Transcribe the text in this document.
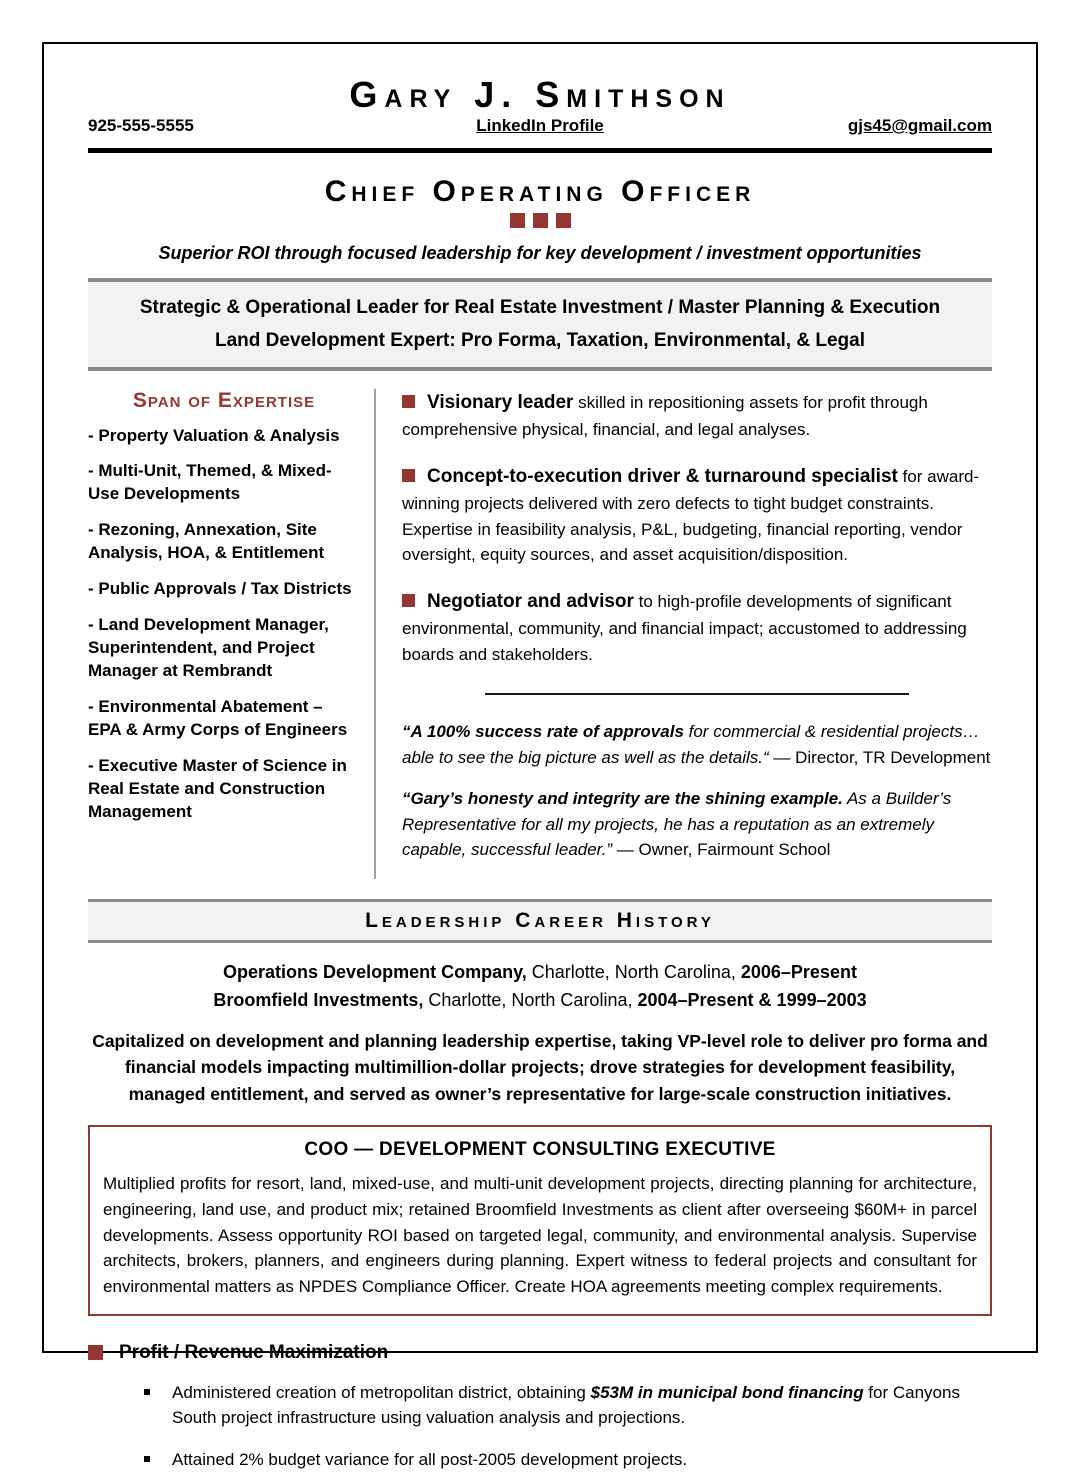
Gary J. Smithson
925-555-5555	LinkedIn Profile	gjs45@gmail.com
Chief Operating Officer
Superior ROI through focused leadership for key development / investment opportunities
Strategic & Operational Leader for Real Estate Investment / Master Planning & Execution
Land Development Expert: Pro Forma, Taxation, Environmental, & Legal
Span of Expertise
- Property Valuation & Analysis
- Multi-Unit, Themed, & Mixed-Use Developments
- Rezoning, Annexation, Site Analysis, HOA, & Entitlement
- Public Approvals / Tax Districts
- Land Development Manager, Superintendent, and Project Manager at Rembrandt
- Environmental Abatement – EPA & Army Corps of Engineers
- Executive Master of Science in Real Estate and Construction Management

Visionary leader skilled in repositioning assets for profit through comprehensive physical, financial, and legal analyses.

Concept-to-execution driver & turnaround specialist for award-winning projects delivered with zero defects to tight budget constraints. Expertise in feasibility analysis, P&L, budgeting, financial reporting, vendor oversight, equity sources, and asset acquisition/disposition.

Negotiator and advisor to high-profile developments of significant environmental, community, and financial impact; accustomed to addressing boards and stakeholders.

“A 100% success rate of approvals for commercial & residential projects… able to see the big picture as well as the details.“ — Director, TR Development

“Gary’s honesty and integrity are the shining example. As a Builder’s Representative for all my projects, he has a reputation as an extremely capable, successful leader.” — Owner, Fairmount School

Leadership Career History
Operations Development Company, Charlotte, North Carolina, 2006–Present
Broomfield Investments, Charlotte, North Carolina, 2004–Present & 1999–2003

Capitalized on development and planning leadership expertise, taking VP-level role to deliver pro forma and financial models impacting multimillion-dollar projects; drove strategies for development feasibility, managed entitlement, and served as owner’s representative for large-scale construction initiatives.

COO — DEVELOPMENT CONSULTING EXECUTIVE

Multiplied profits for resort, land, mixed-use, and multi-unit development projects, directing planning for architecture, engineering, land use, and product mix; retained Broomfield Investments as client after overseeing $60M+ in parcel developments. Assess opportunity ROI based on targeted legal, community, and environmental analysis. Supervise architects, brokers, planners, and engineers during planning. Expert witness to federal projects and consultant for environmental matters as NPDES Compliance Officer. Create HOA agreements meeting complex requirements.

Profit / Revenue Maximization
Administered creation of metropolitan district, obtaining $53M in municipal bond financing for Canyons South project infrastructure using valuation analysis and projections.
Attained 2% budget variance for all post-2005 development projects.
